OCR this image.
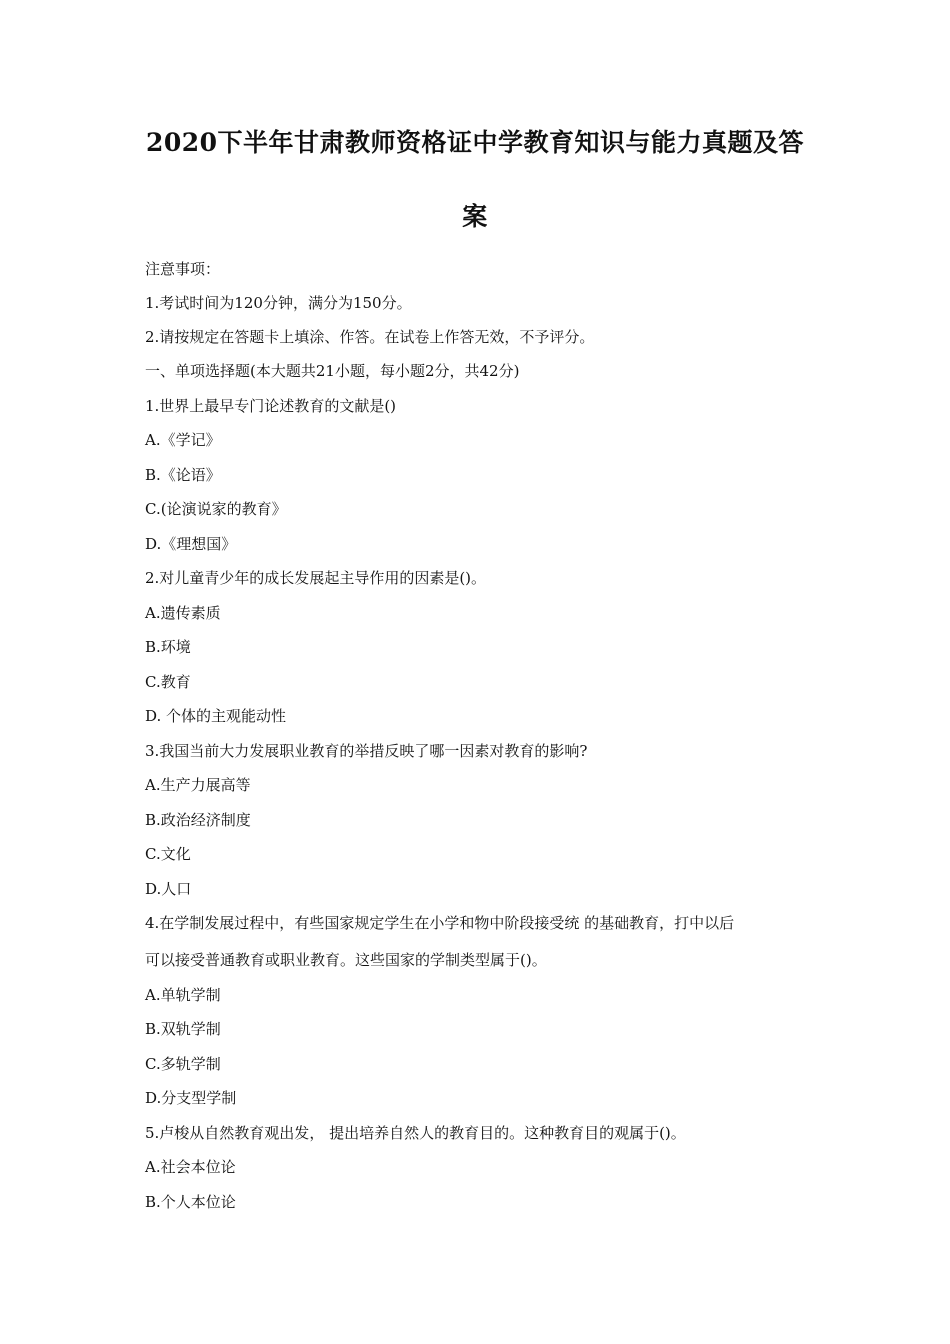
2020下半年甘肃教师资格证中学教育知识与能力真题及答
案
注意事项：
1.考试时间为120分钟，满分为150分。
2.请按规定在答题卡上填涂、作答。在试卷上作答无效，不予评分。
一、单项选择题(本大题共21小题，每小题2分，共42分)
1.世界上最早专门论述教育的文献是()
A.《学记》
B.《论语》
C.(论演说家的教育》
D.《理想国》
2.对儿童青少年的成长发展起主导作用的因素是()。
A.遗传素质
B.环境
C.教育
D. 个体的主观能动性
3.我国当前大力发展职业教育的举措反映了哪一因素对教育的影响?
A.生产力展高等
B.政治经济制度
C.文化
D.人口
4.在学制发展过程中，有些国家规定学生在小学和物中阶段接受统 的基础教育，打中以后
可以接受普通教育或职业教育。这些国家的学制类型属于()。
A.单轨学制
B.双轨学制
C.多轨学制
D.分支型学制
5.卢梭从自然教育观出发， 提出培养自然人的教育目的。这种教育目的观属于()。
A.社会本位论
B.个人本位论
